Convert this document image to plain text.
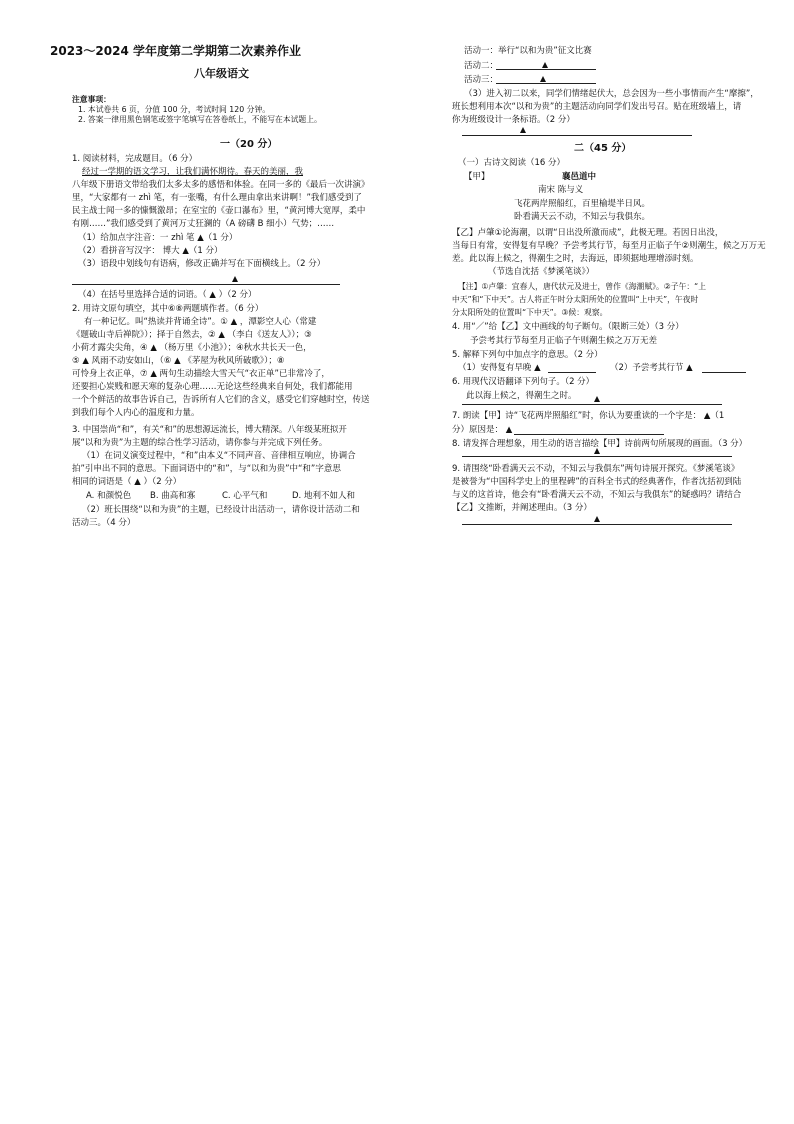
2023～2024 学年度第二学期第二次素养作业
八年级语文
注意事项：
1. 本试卷共 6 页，分值 100 分，考试时间 120 分钟。
2. 答案一律用黑色钢笔或签字笔填写在答卷纸上，不能写在本试题上。
一（20 分）
1. 阅读材料，完成题目。（6 分）
经过一学期的语文学习，让我们满怀期待。春天的美丽，我
八年级下册语文带给我们太多太多的感悟和体验。在同一多的《最后一次讲演》
里，“大家都有一 zhì 笔，有一张嘴，有什么理由拿出来讲啊！”我们感受到了
民主战士闻一多的慷慨激昂；在室宝的《壶口瀑布》里，“黄河博大宽厚，柔中
有刚……”我们感受到了黄河万丈狂澜的（A 磅礴 B 细小）气势；……
（1）给加点字注音：一 zhì 笔 ▲（1 分）
（2）看拼音写汉字： 博大 ▲（1 分）
（3）语段中划线句有语病，修改正确并写在下面横线上。（2 分）
（4）在括号里选择合适的词语。（ ▲ ）（2 分）
2. 用诗文原句填空，其中⑥⑧两题填作者。（6 分）
有一种记忆。叫“热读并背诵全诗”。① ▲ ，潭影空人心（常建
《题破山寺后禅院》）；择于自然去，② ▲ （李白《送友人》）；③
小荷才露尖尖角，④ ▲ （杨万里《小池》）；④秋水共长天一色，
⑤ ▲ 风雨不动安如山，（⑥ ▲ 《茅屋为秋风所破歌》）；⑧
可怜身上衣正单，⑦ ▲ 两句生动描绘大雪天气“衣正单”已非常冷了，
还要担心炭贱和愿天寒的复杂心理……无论这些经典来自何处，我们都能用
一个个鲜活的故事告诉自己，告诉所有人它们的含义，感受它们穿越时空，传送
到我们每个人内心的温度和力量。
3. 中国崇尚“和”，有关“和”的思想源远流长，博大精深。八年级某班拟开
展“以和为贵”为主题的综合性学习活动，请你参与并完成下列任务。
（1）在词义演变过程中，“和”由本义“不同声音、音律相互响应，协调合
拍”引申出不同的意思。下面词语中的“和”，与“以和为贵”中“和”字意思
相同的词语是（ ▲ ）（2 分）
A. 和颜悦色 B. 曲高和寡	C. 心平气和	D. 地利不如人和
（2）班长围绕“以和为贵”的主题，已经设计出活动一，请你设计活动二和
活动三。（4 分）
活动一：举行“以和为贵”征文比赛
活动二：
活动三：
（3）进入初二以来，同学们情绪起伏大，总会因为一些小事情而产生“摩擦”，
班长想利用本次“以和为贵”的主题活动向同学们发出号召。贴在班级墙上，请
你为班级设计一条标语。（2 分）
二（45 分）
（一）古诗文阅读（16 分）
【甲】	襄邑道中
南宋 陈与义
飞花两岸照船红，百里榆堤半日风。
卧看满天云不动，不知云与我俱东。
【乙】卢肇①论海潮，以谓“日出没所激而成”，此极无理。若因日出没，
当每日有常，安得复有早晚？予尝考其行节，每至月正临子午②则潮生，候之万万无
差。此以海上候之，得潮生之时，去海远，即须据地理增添时刻。
（节选自沈括《梦溪笔谈》）
【注】①卢肇：宜春人，唐代状元及进士，曾作《海潮赋》。②子午：“上
中天”和“下中天”。古人将正午时分太阳所处的位置叫“上中天”，午夜时
分太阳所处的位置叫“下中天”。③候：观察。
4. 用“／”给【乙】文中画线的句子断句。（限断三处）（3 分）
予尝考其行节每至月正临子午则潮生候之万万无差
5. 解释下列句中加点字的意思。（2 分）
（1）安得复有早晚 ▲	（2）予尝考其行节 ▲
6. 用现代汉语翻译下列句子。（2 分）
此以海上候之，得潮生之时。
7. 朗读【甲】诗“飞花两岸照船红”时，你认为要重读的一个字是： ▲（1
分）原因是： ▲
8. 请发挥合理想象，用生动的语言描绘【甲】诗前两句所展现的画面。（3 分）
9. 请围绕“卧看满天云不动，不知云与我俱东”两句诗展开探究。《梦溪笔谈》
是被誉为“中国科学史上的里程碑”的百科全书式的经典著作，作者沈括初到陆
与义的这首诗，他会有“卧看满天云不动，不知云与我俱东”的疑惑吗？请结合
【乙】文推断，并阐述理由。（3 分）
